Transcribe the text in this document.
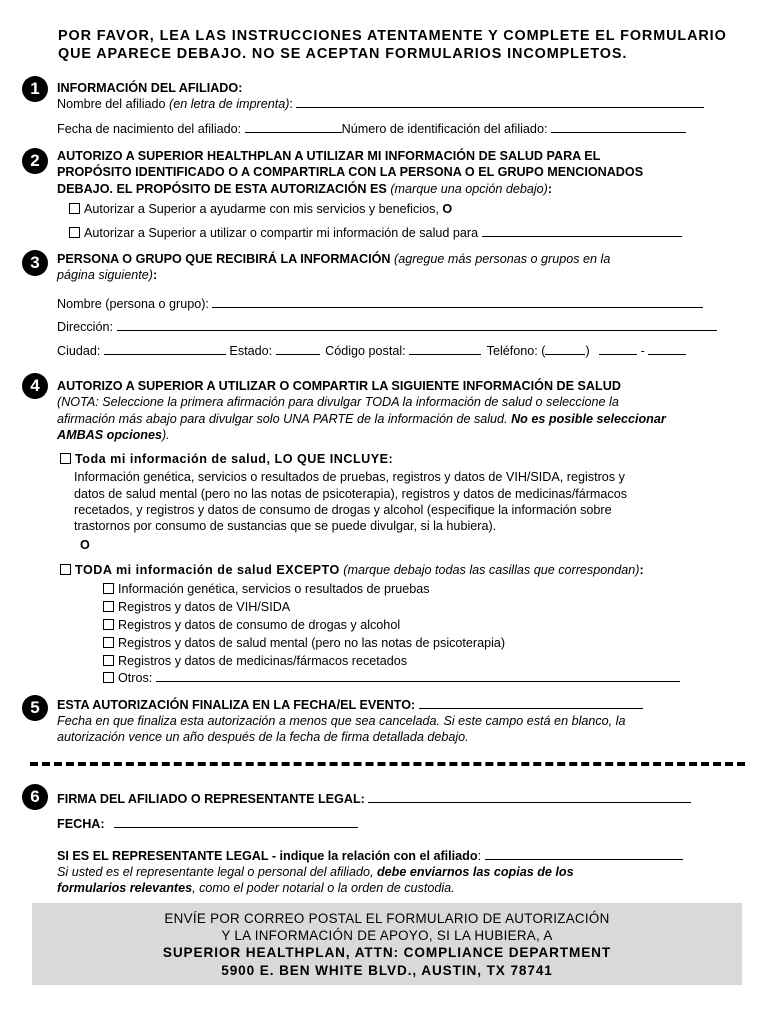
POR FAVOR, LEA LAS INSTRUCCIONES ATENTAMENTE Y COMPLETE EL FORMULARIO
QUE APARECE DEBAJO. NO SE ACEPTAN FORMULARIOS INCOMPLETOS.
1	INFORMACIÓN DEL AFILIADO:
Nombre del afiliado (en letra de imprenta):
Fecha de nacimiento del afiliado:	Número de identificación del afiliado:
2	AUTORIZO A SUPERIOR HEALTHPLAN A UTILIZAR MI INFORMACIÓN DE SALUD PARA EL
PROPÓSITO IDENTIFICADO O A COMPARTIRLA CON LA PERSONA O EL GRUPO MENCIONADOS
DEBAJO. EL PROPÓSITO DE ESTA AUTORIZACIÓN ES (marque una opción debajo):
Autorizar a Superior a ayudarme con mis servicios y beneficios, O
Autorizar a Superior a utilizar o compartir mi información de salud para
3	PERSONA O GRUPO QUE RECIBIRÁ LA INFORMACIÓN (agregue más personas o grupos en la
página siguiente):
Nombre (persona o grupo):
Dirección:
Ciudad:	Estado:	Código postal:	Teléfono: (	)	-
4	AUTORIZO A SUPERIOR A UTILIZAR O COMPARTIR LA SIGUIENTE INFORMACIÓN DE SALUD
(NOTA: Seleccione la primera afirmación para divulgar TODA la información de salud o seleccione la
afirmación más abajo para divulgar solo UNA PARTE de la información de salud. No es posible seleccionar
AMBAS opciones).
Toda mi información de salud, LO QUE INCLUYE:
Información genética, servicios o resultados de pruebas, registros y datos de VIH/SIDA, registros y
datos de salud mental (pero no las notas de psicoterapia), registros y datos de medicinas/fármacos
recetados, y registros y datos de consumo de drogas y alcohol (especifique la información sobre
trastornos por consumo de sustancias que se puede divulgar, si la hubiera).
O
TODA mi información de salud EXCEPTO (marque debajo todas las casillas que correspondan):
Información genética, servicios o resultados de pruebas
Registros y datos de VIH/SIDA
Registros y datos de consumo de drogas y alcohol
Registros y datos de salud mental (pero no las notas de psicoterapia)
Registros y datos de medicinas/fármacos recetados
Otros:
5	ESTA AUTORIZACIÓN FINALIZA EN LA FECHA/EL EVENTO:
Fecha en que finaliza esta autorización a menos que sea cancelada. Si este campo está en blanco, la
autorización vence un año después de la fecha de firma detallada debajo.
6	FIRMA DEL AFILIADO O REPRESENTANTE LEGAL:
FECHA:
SI ES EL REPRESENTANTE LEGAL - indique la relación con el afiliado:
Si usted es el representante legal o personal del afiliado, debe enviarnos las copias de los
formularios relevantes, como el poder notarial o la orden de custodia.
ENVÍE POR CORREO POSTAL EL FORMULARIO DE AUTORIZACIÓN
Y LA INFORMACIÓN DE APOYO, SI LA HUBIERA, A
SUPERIOR HEALTHPLAN, ATTN: COMPLIANCE DEPARTMENT
5900 E. BEN WHITE BLVD., AUSTIN, TX 78741
